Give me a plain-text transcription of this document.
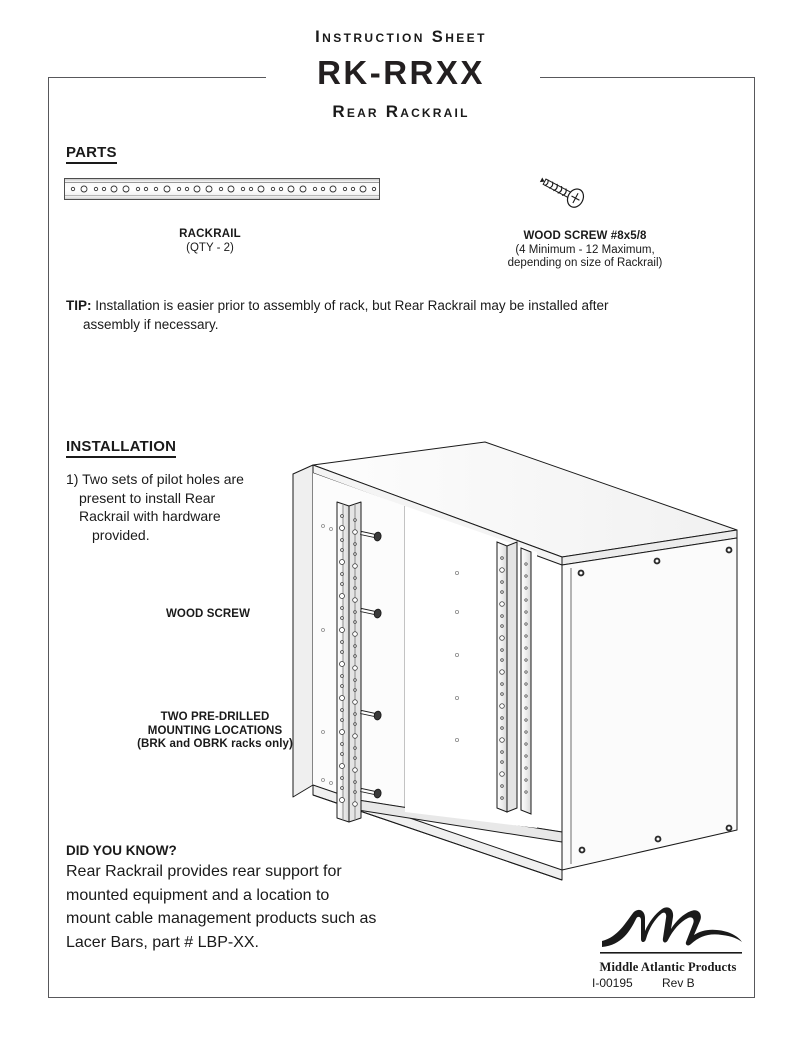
Instruction Sheet
RK-RRXX
Rear Rackrail
PARTS
RACKRAIL
(QTY - 2)
WOOD SCREW #8x5/8
(4 Minimum - 12 Maximum,
depending on size of Rackrail)
TIP: Installation is easier prior to assembly of rack, but Rear Rackrail may be installed after
assembly if necessary.
INSTALLATION
1) Two sets of pilot holes are
present to install Rear
Rackrail with hardware
provided.
WOOD SCREW
TWO PRE-DRILLED
MOUNTING LOCATIONS
(BRK and OBRK racks only)
DID YOU KNOW?
Rear Rackrail provides rear support for
mounted equipment and a location to
mount cable management products such as
Lacer Bars, part # LBP-XX.
Middle Atlantic Products
I-00195 Rev B
